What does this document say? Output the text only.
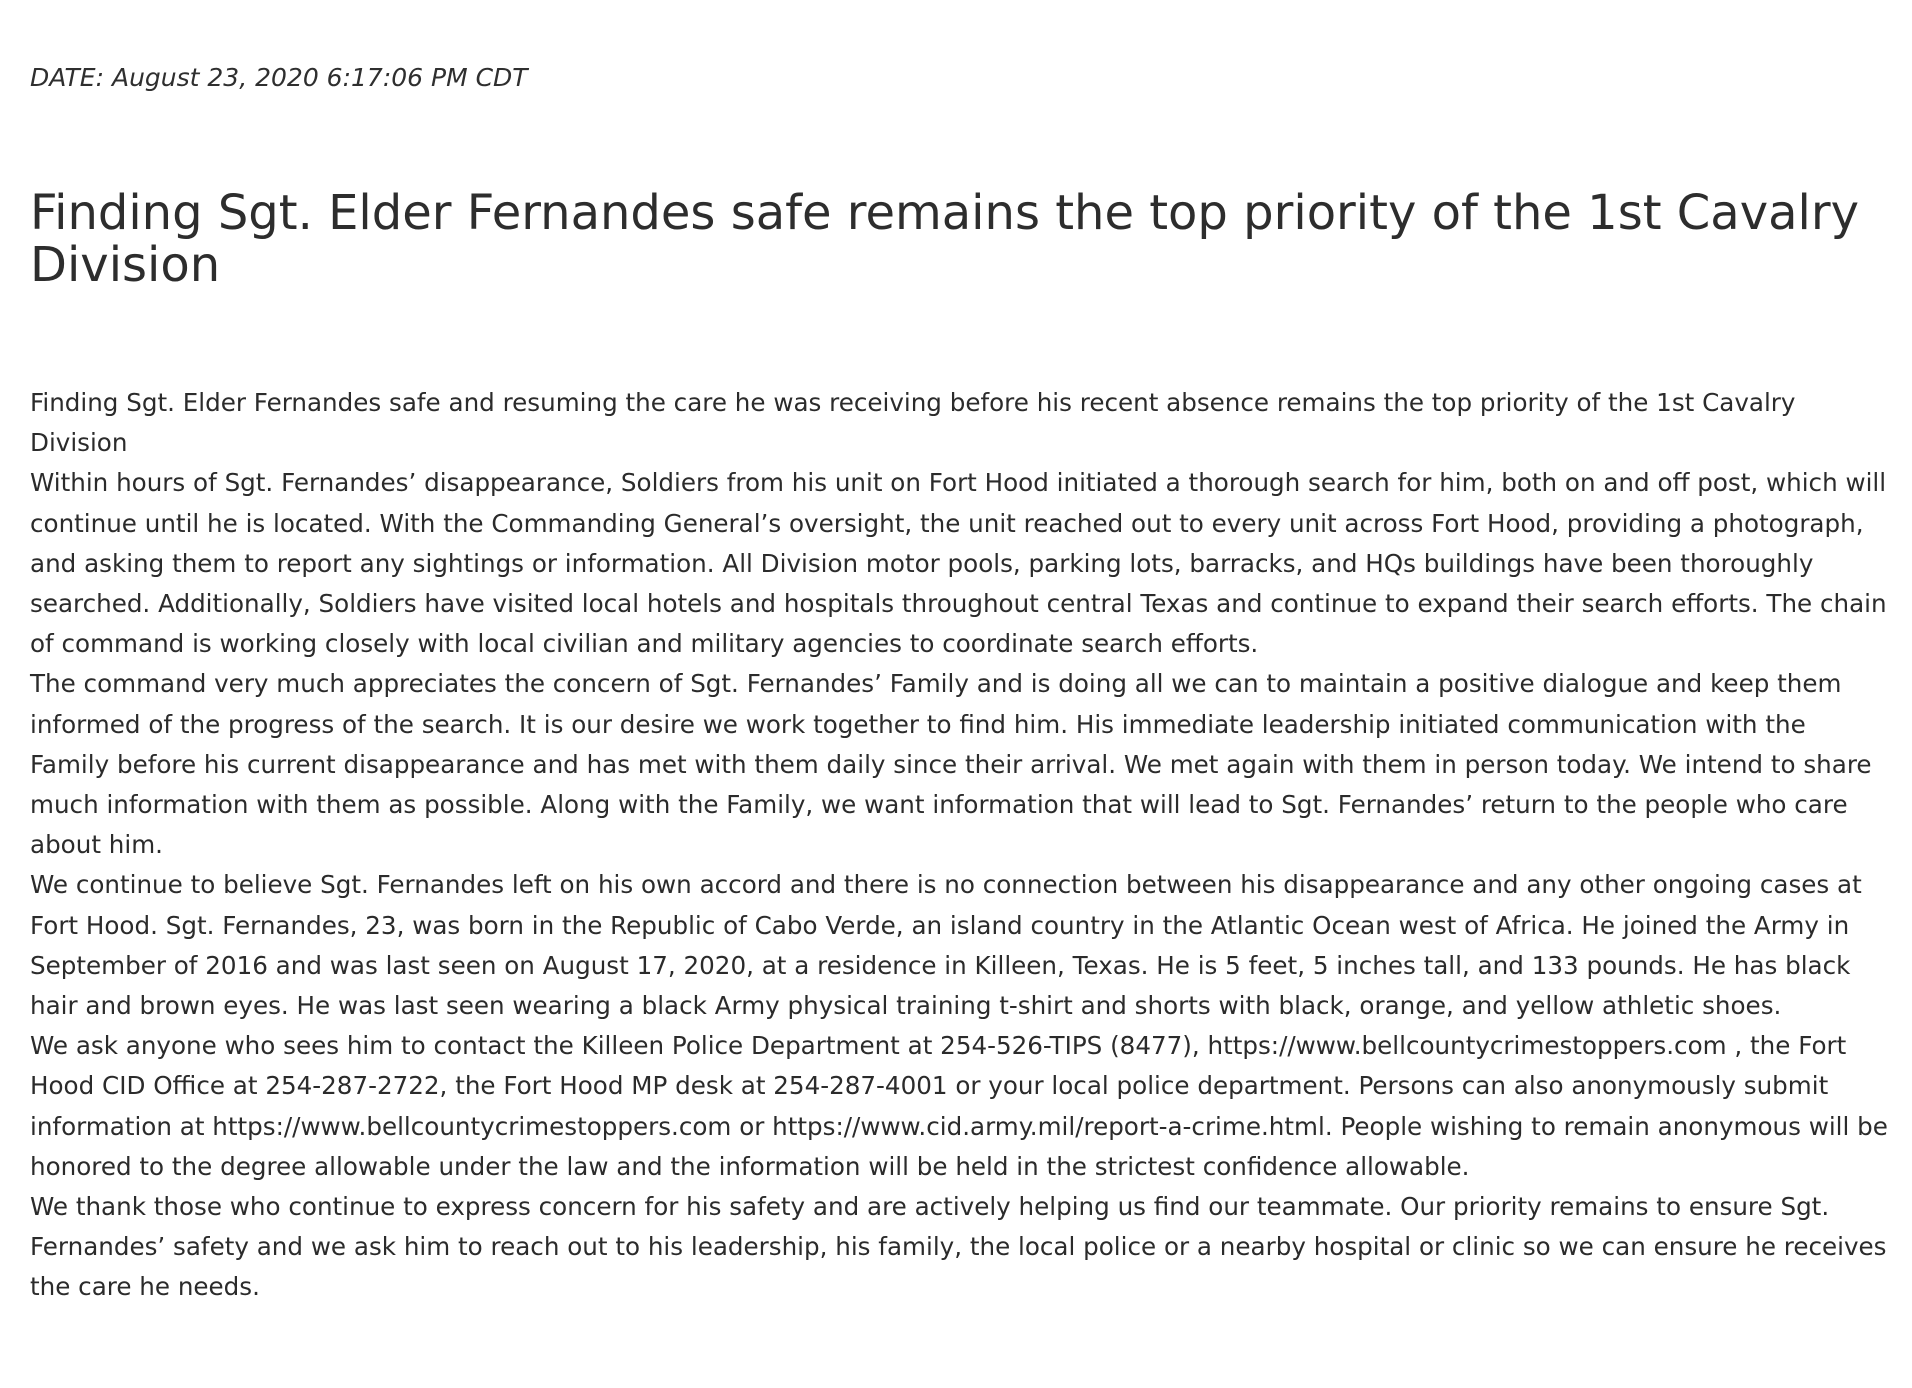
DATE: August 23, 2020 6:17:06 PM CDT

Finding Sgt. Elder Fernandes safe remains the top priority of the 1st Cavalry Division

Finding Sgt. Elder Fernandes safe and resuming the care he was receiving before his recent absence remains the top priority of the 1st Cavalry Division

Within hours of Sgt. Fernandes’ disappearance, Soldiers from his unit on Fort Hood initiated a thorough search for him, both on and off post, which will continue until he is located. With the Commanding General’s oversight, the unit reached out to every unit across Fort Hood, providing a photograph, and asking them to report any sightings or information. All Division motor pools, parking lots, barracks, and HQs buildings have been thoroughly searched. Additionally, Soldiers have visited local hotels and hospitals throughout central Texas and continue to expand their search efforts. The chain of command is working closely with local civilian and military agencies to coordinate search efforts.

The command very much appreciates the concern of Sgt. Fernandes’ Family and is doing all we can to maintain a positive dialogue and keep them informed of the progress of the search. It is our desire we work together to find him. His immediate leadership initiated communication with the Family before his current disappearance and has met with them daily since their arrival. We met again with them in person today. We intend to share much information with them as possible. Along with the Family, we want information that will lead to Sgt. Fernandes’ return to the people who care about him.

We continue to believe Sgt. Fernandes left on his own accord and there is no connection between his disappearance and any other ongoing cases at Fort Hood. Sgt. Fernandes, 23, was born in the Republic of Cabo Verde, an island country in the Atlantic Ocean west of Africa. He joined the Army in September of 2016 and was last seen on August 17, 2020, at a residence in Killeen, Texas. He is 5 feet, 5 inches tall, and 133 pounds. He has black hair and brown eyes. He was last seen wearing a black Army physical training t-shirt and shorts with black, orange, and yellow athletic shoes.

We ask anyone who sees him to contact the Killeen Police Department at 254-526-TIPS (8477), https://www.bellcountycrimestoppers.com , the Fort Hood CID Office at 254-287-2722, the Fort Hood MP desk at 254-287-4001 or your local police department. Persons can also anonymously submit information at https://www.bellcountycrimestoppers.com or https://www.cid.army.mil/report-a-crime.html. People wishing to remain anonymous will be honored to the degree allowable under the law and the information will be held in the strictest confidence allowable.

We thank those who continue to express concern for his safety and are actively helping us find our teammate. Our priority remains to ensure Sgt. Fernandes’ safety and we ask him to reach out to his leadership, his family, the local police or a nearby hospital or clinic so we can ensure he receives the care he needs.
